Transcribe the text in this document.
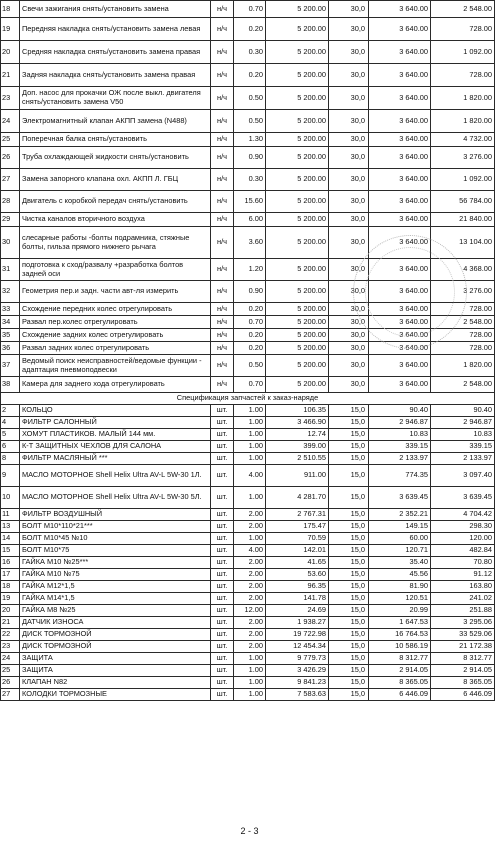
18	Свечи зажигания снять/установить замена	н/ч	0.70	5 200.00	30,0	3 640.00	2 548.00
19	Передняя накладка снять/установить замена левая	н/ч	0.20	5 200.00	30,0	3 640.00	728.00
20	Средняя накладка снять/установить замена правая	н/ч	0.30	5 200.00	30,0	3 640.00	1 092.00
21	Задняя накладка снять/установить замена правая	н/ч	0.20	5 200.00	30,0	3 640.00	728.00
23	Доп. насос для прокачки ОЖ после выкл. двигателя снять/установить замена V50	н/ч	0.50	5 200.00	30,0	3 640.00	1 820.00
24	Электромагнитный клапан АКПП замена (N488)	н/ч	0.50	5 200.00	30,0	3 640.00	1 820.00
25	Поперечная балка снять/установить	н/ч	1.30	5 200.00	30,0	3 640.00	4 732.00
26	Труба охлаждающей жидкости снять/установить	н/ч	0.90	5 200.00	30,0	3 640.00	3 276.00
27	Замена запорного клапана охл. АКПП Л. ГБЦ	н/ч	0.30	5 200.00	30,0	3 640.00	1 092.00
28	Двигатель с коробкой передач снять/установить	н/ч	15.60	5 200.00	30,0	3 640.00	56 784.00
29	Чистка каналов вторичного воздуха	н/ч	6.00	5 200.00	30,0	3 640.00	21 840.00
30	слесарные работы -болты подрамника, стяжные болты, гильза прямого нижнего рычага	н/ч	3.60	5 200.00	30,0	3 640.00	13 104.00
31	подготовка к сход/развалу +разработка болтов задней оси	н/ч	1.20	5 200.00	30,0	3 640.00	4 368.00
32	Геометрия пер.и задн. части авт-ля измерить	н/ч	0.90	5 200.00	30,0	3 640.00	3 276.00
33	Схождение передних колес отрегулировать	н/ч	0.20	5 200.00	30,0	3 640.00	728.00
34	Развал пер.колес отрегулировать	н/ч	0.70	5 200.00	30,0	3 640.00	2 548.00
35	Схождение задних колес отрегулировать	н/ч	0.20	5 200.00	30,0	3 640.00	728.00
36	Развал задних колес отрегулировать	н/ч	0.20	5 200.00	30,0	3 640.00	728.00
37	Ведомый поиск неисправностей/ведомые функции - адаптация пневмоподвески	н/ч	0.50	5 200.00	30,0	3 640.00	1 820.00
38	Камера для заднего хода отрегулировать	н/ч	0.70	5 200.00	30,0	3 640.00	2 548.00
Спецификация запчастей к заказ-наряде							
2	КОЛЬЦО	шт.	1.00	106.35	15,0	90.40	90.40
4	ФИЛЬТР САЛОННЫЙ	шт.	1.00	3 466.90	15,0	2 946.87	2 946.87
5	ХОМУТ ПЛАСТИКОВ. МАЛЫЙ 144 мм.	шт.	1.00	12.74	15,0	10.83	10.83
6	К-Т ЗАЩИТНЫХ ЧЕХЛОВ ДЛЯ САЛОНА	шт.	1.00	399.00	15,0	339.15	339.15
8	ФИЛЬТР МАСЛЯНЫЙ ***	шт.	1.00	2 510.55	15,0	2 133.97	2 133.97
9	МАСЛО МОТОРНОЕ Shell Helix Ultra AV-L 5W-30 1Л.	шт.	4.00	911.00	15,0	774.35	3 097.40
10	МАСЛО МОТОРНОЕ Shell Helix Ultra AV-L 5W-30 5Л.	шт.	1.00	4 281.70	15,0	3 639.45	3 639.45
11	ФИЛЬТР ВОЗДУШНЫЙ	шт.	2.00	2 767.31	15,0	2 352.21	4 704.42
13	БОЛТ М10*110*21***	шт.	2.00	175.47	15,0	149.15	298.30
14	БОЛТ М10*45 №10	шт.	1.00	70.59	15,0	60.00	120.00
15	БОЛТ М10*75	шт.	4.00	142.01	15,0	120.71	482.84
16	ГАЙКА М10 №25***	шт.	2.00	41.65	15,0	35.40	70.80
17	ГАЙКА М10 №75	шт.	2.00	53.60	15,0	45.56	91.12
18	ГАЙКА М12*1,5	шт.	2.00	96.35	15,0	81.90	163.80
19	ГАЙКА М14*1,5	шт.	2.00	141.78	15,0	120.51	241.02
20	ГАЙКА М8 №25	шт.	12.00	24.69	15,0	20.99	251.88
21	ДАТЧИК ИЗНОСА	шт.	2.00	1 938.27	15,0	1 647.53	3 295.06
22	ДИСК ТОРМОЗНОЙ	шт.	2.00	19 722.98	15,0	16 764.53	33 529.06
23	ДИСК ТОРМОЗНОЙ	шт.	2.00	12 454.34	15,0	10 586.19	21 172.38
24	ЗАЩИТА	шт.	1.00	9 779.73	15,0	8 312.77	8 312.77
25	ЗАЩИТА	шт.	1.00	3 426.29	15,0	2 914.05	2 914.05
26	КЛАПАН N82	шт.	1.00	9 841.23	15,0	8 365.05	8 365.05
27	КОЛОДКИ ТОРМОЗНЫЕ	шт.	1.00	7 583.63	15,0	6 446.09	6 446.09
2 - 3
